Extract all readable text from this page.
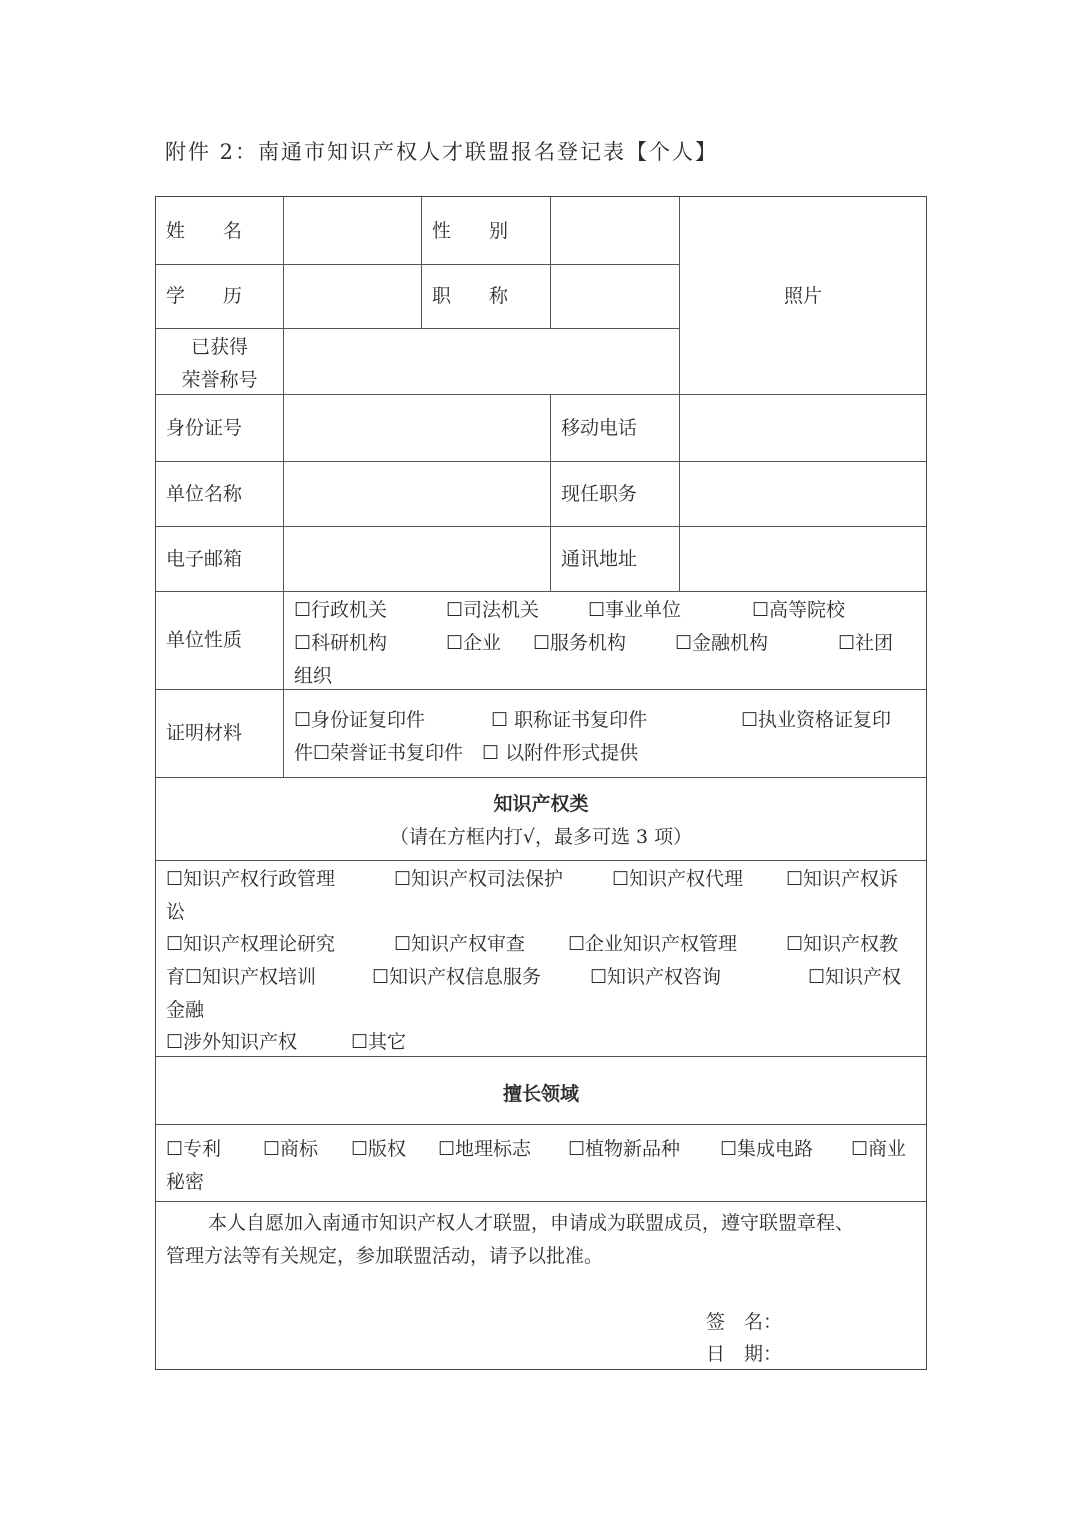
附件 2：南通市知识产权人才联盟报名登记表【个人】
姓　　名	性　　别
学　　历	职　　称
已获得
荣誉称号
照片
身份证号	移动电话
单位名称	现任职务
电子邮箱	通讯地址
单位性质
☐行政机关	☐司法机关	☐事业单位	☐高等院校
☐科研机构	☐企业 ☐服务机构	☐金融机构	☐社团
组织
证明材料
☐身份证复印件	☐ 职称证书复印件	☐执业资格证复印
件☐荣誉证书复印件　☐ 以附件形式提供
知识产权类
（请在方框内打√，最多可选 3 项）
☐知识产权行政管理	☐知识产权司法保护	☐知识产权代理 ☐知识产权诉
讼
☐知识产权理论研究	☐知识产权审查 ☐企业知识产权管理	☐知识产权教
育☐知识产权培训	☐知识产权信息服务	☐知识产权咨询	☐知识产权
金融
☐涉外知识产权	☐其它
擅长领域
☐专利 ☐商标 ☐版权 ☐地理标志 ☐植物新品种 ☐集成电路 ☐商业
秘密
本人自愿加入南通市知识产权人才联盟，申请成为联盟成员，遵守联盟章程、
管理方法等有关规定，参加联盟活动，请予以批准。
签　名：
日　期：
